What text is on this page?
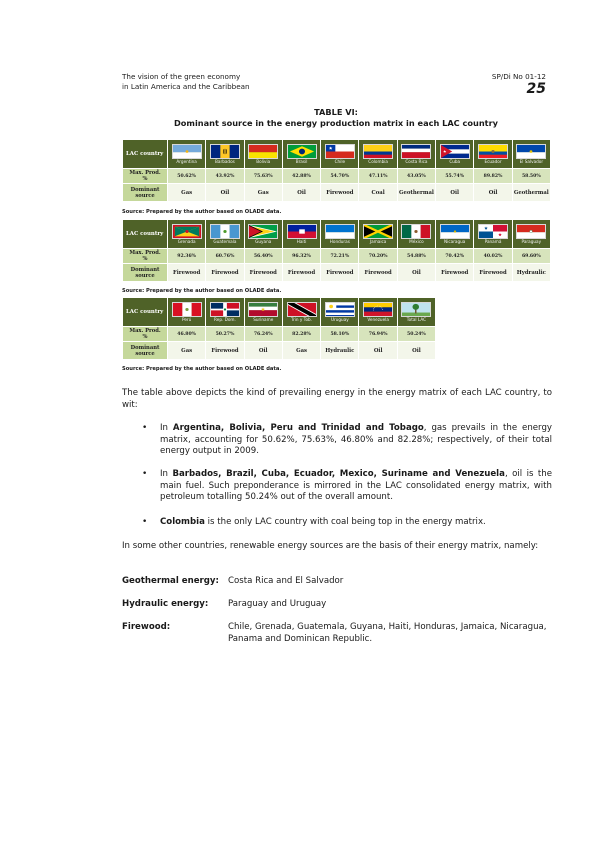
The vision of the green economy
in Latin America and the Caribbean
SP/Di No 01-12
25
TABLE VI:
Dominant source in the energy production matrix in each LAC country
LAC country	Argentina	Barbados	Bolivia	Brasil	Chile	Colombia	Costa Rica	Cuba	Ecuador	El Salvador

Max. Prod.
%	50.62%	43.92%	75.63%	42.88%	54.70%	47.11%	43.05%	55.74%	89.82%	58.50%
Dominant
source	Gas	Oil	Gas	Oil	Firewood	Coal	Geothermal	Oil	Oil	Geothermal
Source: Prepared by the author based on OLADE data.
LAC country	Grenada	Guatemala	Guyana	Haiti	Honduras	Jamaica	México	Nicaragua	Panamá	Paraguay

Max. Prod.
%	92.36%	60.76%	56.40%	96.32%	72.21%	70.20%	54.88%	70.42%	40.02%	69.60%
Dominant
source	Firewood	Firewood	Firewood	Firewood	Firewood	Firewood	Oil	Firewood	Firewood	Hydraulic
Source: Prepared by the author based on OLADE data.
LAC country	Perú	Rep. Dom.	Suriname	Trin y Tob.	Uruguay	Venezuela	Total LAC

Max. Prod.
%	46.80%	50.27%	76.24%	82.28%	58.10%	76.94%	50.24%
Dominant
source	Gas	Firewood	Oil	Gas	Hydraulic	Oil	Oil
Source: Prepared by the author based on OLADE data.
The table above depicts the kind of prevailing energy in the energy matrix of each LAC country, to wit:
• In Argentina, Bolivia, Peru and Trinidad and Tobago, gas prevails in the energy matrix, accounting for 50.62%, 75.63%, 46.80% and 82.28%; respectively, of their total energy output in 2009.
• In Barbados, Brazil, Cuba, Ecuador, Mexico, Suriname and Venezuela, oil is the main fuel. Such preponderance is mirrored in the LAC consolidated energy matrix, with petroleum totalling 50.24% out of the overall amount.
• Colombia is the only LAC country with coal being top in the energy matrix.
In some other countries, renewable energy sources are the basis of their energy matrix, namely:
Geothermal energy: Costa Rica and El Salvador
Hydraulic energy: Paraguay and Uruguay
Firewood:	Chile, Grenada, Guatemala, Guyana, Haiti, Honduras, Jamaica, Nicaragua, Panama and Dominican Republic.
